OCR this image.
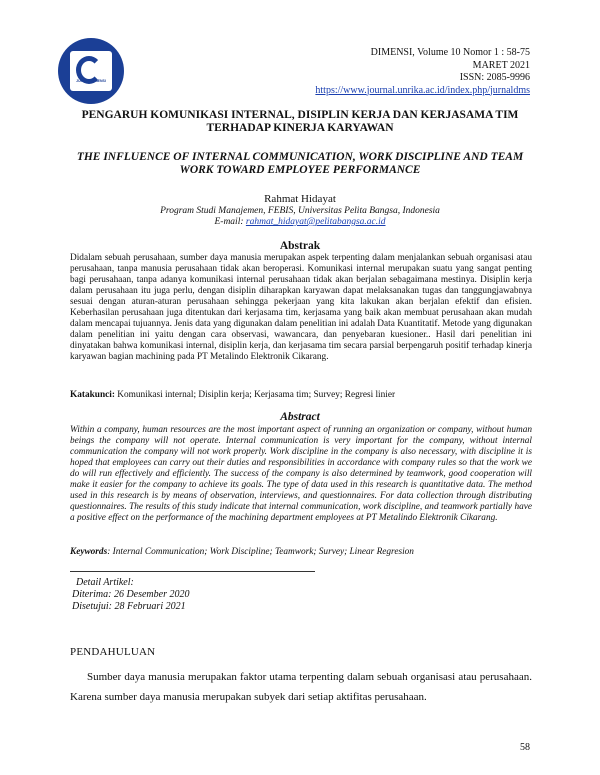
JURNAL DIMENSI
DIMENSI, Volume 10 Nomor 1 : 58-75
MARET 2021
ISSN: 2085-9996
https://www.journal.unrika.ac.id/index.php/jurnaldms
PENGARUH KOMUNIKASI INTERNAL, DISIPLIN KERJA DAN KERJASAMA TIM TERHADAP KINERJA KARYAWAN
THE INFLUENCE OF INTERNAL COMMUNICATION, WORK DISCIPLINE AND TEAM WORK TOWARD EMPLOYEE PERFORMANCE
Rahmat Hidayat
Program Studi Manajemen, FEBIS, Universitas Pelita Bangsa, Indonesia
E-mail: rahmat_hidayat@pelitabangsa.ac.id
Abstrak
Didalam sebuah perusahaan, sumber daya manusia merupakan aspek terpenting dalam menjalankan sebuah organisasi atau perusahaan, tanpa manusia perusahaan tidak akan beroperasi. Komunikasi internal merupakan suatu yang sangat penting bagi perusahaan, tanpa adanya komunikasi internal perusahaan tidak akan berjalan sebagaimana mestinya. Disiplin kerja dalam perusahaan itu juga perlu, dengan disiplin diharapkan karyawan dapat melaksanakan tugas dan tanggungjawabnya sesuai dengan aturan-aturan perusahaan sehingga pekerjaan yang kita lakukan akan berjalan efektif dan efisien. Keberhasilan perusahaan juga ditentukan dari kerjasama tim, kerjasama yang baik akan membuat perusahaan akan mudah dalam mencapai tujuannya. Jenis data yang digunakan dalam penelitian ini adalah Data Kuantitatif. Metode yang digunakan dalam penelitian ini yaitu dengan cara observasi, wawancara, dan penyebaran kuesioner.. Hasil dari penelitian ini dinyatakan bahwa komunikasi internal, disiplin kerja, dan kerjasama tim secara parsial berpengaruh positif terhadap kinerja karyawan bagian machining pada PT Metalindo Elektronik Cikarang.
Katakunci: Komunikasi internal; Disiplin kerja; Kerjasama tim; Survey; Regresi linier
Abstract
Within a company, human resources are the most important aspect of running an organization or company, without human beings the company will not operate. Internal communication is very important for the company, without internal communication the company will not work properly. Work discipline in the company is also necessary, with discipline it is hoped that employees can carry out their duties and responsibilities in accordance with company rules so that the work we do will run effectively and efficiently. The success of the company is also determined by teamwork, good cooperation will make it easier for the company to achieve its goals. The type of data used in this research is quantitative data. The method used in this research is by means of observation, interviews, and questionnaires. For data collection through distributing questionnaires. The results of this study indicate that internal communication, work discipline, and teamwork partially have a positive effect on the performance of the machining department employees at PT Metalindo Elektronik Cikarang.
Keywords: Internal Communication; Work Discipline; Teamwork; Survey; Linear Regresion
Detail Artikel:
Diterima: 26 Desember 2020
Disetujui: 28 Februari 2021
PENDAHULUAN
Sumber daya manusia merupakan faktor utama terpenting dalam sebuah organisasi atau perusahaan. Karena sumber daya manusia merupakan subyek dari setiap aktifitas perusahaan.
58
